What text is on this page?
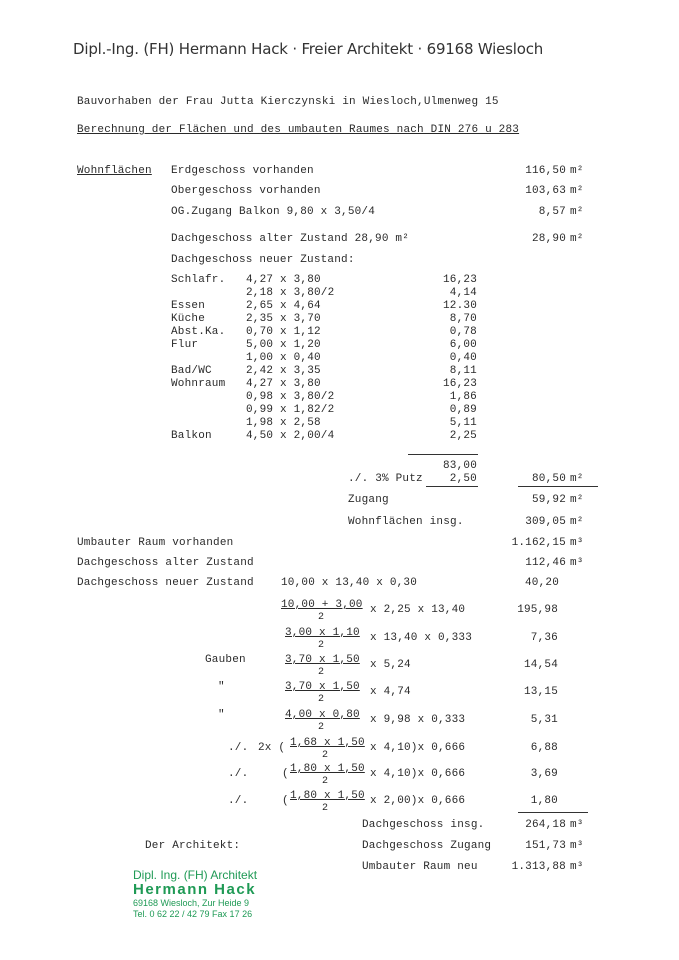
Dipl.-Ing. (FH) Hermann Hack · Freier Architekt · 69168 Wiesloch
Bauvorhaben der Frau Jutta Kierczynski in Wiesloch,Ulmenweg 15
Berechnung der Flächen und des umbauten Raumes nach DIN 276 u 283
Wohnflächen Erdgeschoss vorhanden	116,50 m²
Obergeschoss vorhanden	103,63 m²
OG.Zugang Balkon 9,80 x 3,50/4	8,57 m²
Dachgeschoss alter Zustand 28,90 m²	28,90 m²
Dachgeschoss neuer Zustand:
Schlafr. 4,27 x 3,80	16,23
2,18 x 3,80/2	4,14
Essen	2,65 x 4,64	12.30
Küche	2,35 x 3,70	8,70
Abst.Ka. 0,70 x 1,12	0,78
Flur	5,00 x 1,20	6,00
1,00 x 0,40	0,40
Bad/WC	2,42 x 3,35	8,11
Wohnraum 4,27 x 3,80	16,23
0,98 x 3,80/2	1,86
0,99 x 1,82/2	0,89
1,98 x 2,58	5,11
Balkon	4,50 x 2,00/4	2,25
83,00
./. 3% Putz 2,50	80,50 m²
Zugang	59,92 m²
Wohnflächen insg.	309,05 m²
Umbauter Raum vorhanden	1.162,15 m³
Dachgeschoss alter Zustand	112,46 m³
Dachgeschoss neuer Zustand 10,00 x 13,40 x 0,30	40,20
10,00 + 3,00
2
x 2,25 x 13,40	195,98
3,00 x 1,10
2
x 13,40 x 0,333	7,36
Gauben	3,70 x 1,50
2
x 5,24	14,54
"	3,70 x 1,50
2
x 4,74	13,15
"	4,00 x 0,80
2
x 9,98 x 0,333	5,31
./. 2x ( 1,68 x 1,50
2
x 4,10)x 0,666	6,88
./.	( 1,80 x 1,50
2
x 4,10)x 0,666	3,69
./.	( 1,80 x 1,50
2
x 2,00)x 0,666	1,80
Dachgeschoss insg.	264,18 m³
Der Architekt:	Dachgeschoss Zugang	151,73 m³
Umbauter Raum neu	1.313,88 m³
Dipl. Ing. (FH) Architekt
Hermann Hack
69168 Wiesloch, Zur Heide 9
Tel. 0 62 22 / 42 79 Fax 17 26
